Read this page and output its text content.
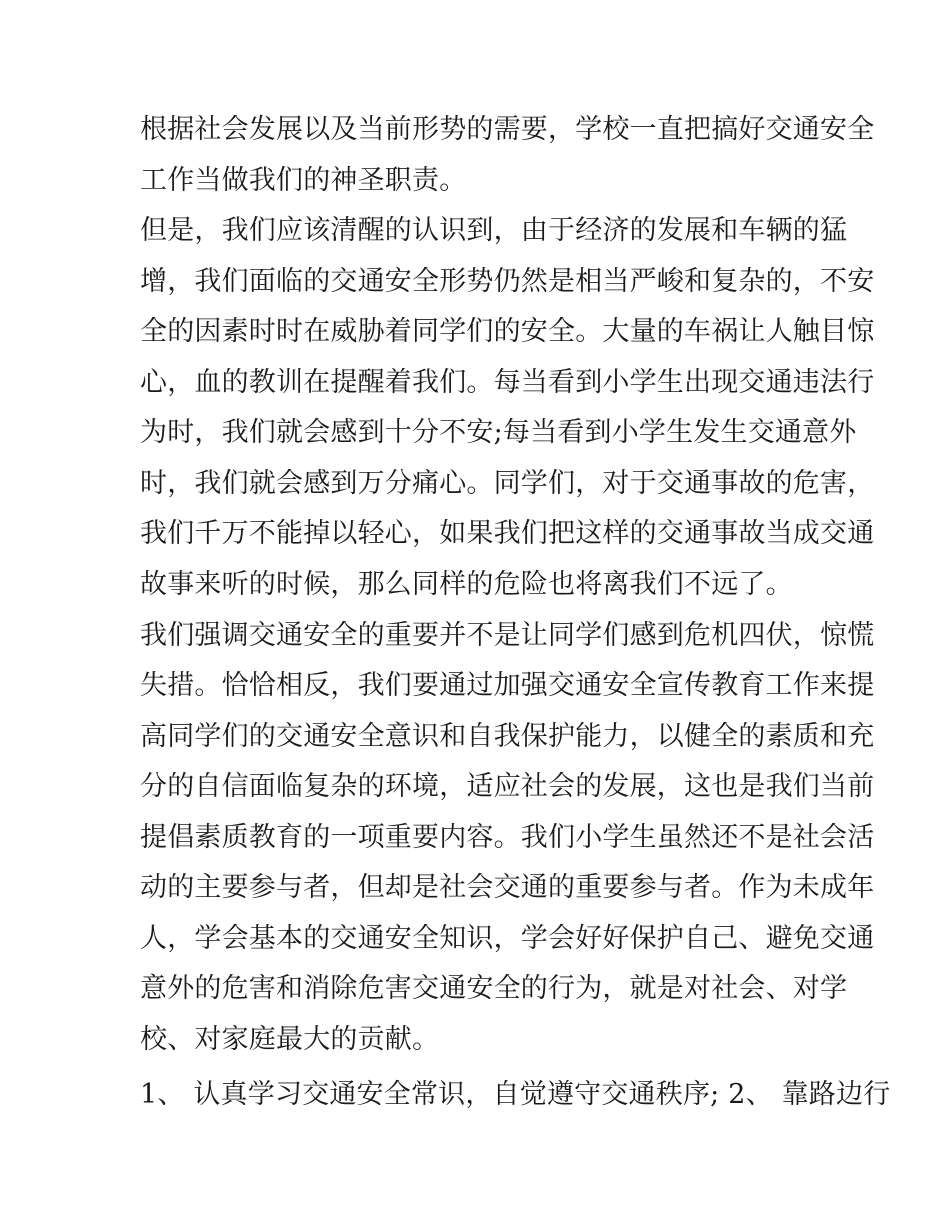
根据社会发展以及当前形势的需要，学校一直把搞好交通安全
工作当做我们的神圣职责。
但是，我们应该清醒的认识到，由于经济的发展和车辆的猛
增，我们面临的交通安全形势仍然是相当严峻和复杂的，不安
全的因素时时在威胁着同学们的安全。大量的车祸让人触目惊
心，血的教训在提醒着我们。每当看到小学生出现交通违法行
为时，我们就会感到十分不安;每当看到小学生发生交通意外
时，我们就会感到万分痛心。同学们，对于交通事故的危害，
我们千万不能掉以轻心，如果我们把这样的交通事故当成交通
故事来听的时候，那么同样的危险也将离我们不远了。
我们强调交通安全的重要并不是让同学们感到危机四伏，惊慌
失措。恰恰相反，我们要通过加强交通安全宣传教育工作来提
高同学们的交通安全意识和自我保护能力，以健全的素质和充
分的自信面临复杂的环境，适应社会的发展，这也是我们当前
提倡素质教育的一项重要内容。我们小学生虽然还不是社会活
动的主要参与者，但却是社会交通的重要参与者。作为未成年
人，学会基本的交通安全知识，学会好好保护自己、避免交通
意外的危害和消除危害交通安全的行为，就是对社会、对学
校、对家庭最大的贡献。
1、 认真学习交通安全常识，自觉遵守交通秩序; 2、 靠路边行
